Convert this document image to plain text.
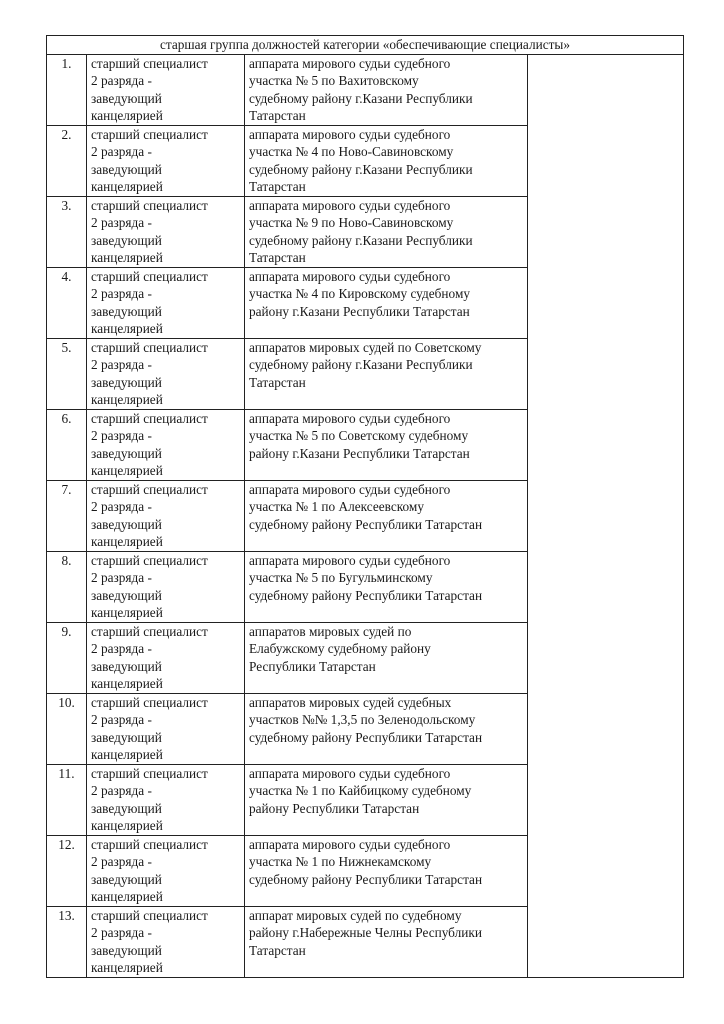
старшая группа должностей категории «обеспечивающие специалисты»			
1.	старший специалист
2 разряда -
заведующий
канцелярией	аппарата мирового судьи судебного
участка № 5 по Вахитовскому
судебному району г.Казани Республики
Татарстан	

2.	старший специалист
2 разряда -
заведующий
канцелярией	аппарата мирового судьи судебного
участка № 4 по Ново-Савиновскому
судебному району г.Казани Республики
Татарстан	

3.	старший специалист
2 разряда -
заведующий
канцелярией	аппарата мирового судьи судебного
участка № 9 по Ново-Савиновскому
судебному району г.Казани Республики
Татарстан	

4.	старший специалист
2 разряда -
заведующий
канцелярией	аппарата мирового судьи судебного
участка № 4 по Кировскому судебному
району г.Казани Республики Татарстан	

5.	старший специалист
2 разряда -
заведующий
канцелярией	аппаратов мировых судей по Советскому
судебному району г.Казани Республики
Татарстан	

6.	старший специалист
2 разряда -
заведующий
канцелярией	аппарата мирового судьи судебного
участка № 5 по Советскому судебному
району г.Казани Республики Татарстан	

7.	старший специалист
2 разряда -
заведующий
канцелярией	аппарата мирового судьи судебного
участка № 1 по Алексеевскому
судебному району Республики Татарстан	

8.	старший специалист
2 разряда -
заведующий
канцелярией	аппарата мирового судьи судебного
участка № 5 по Бугульминскому
судебному району Республики Татарстан	

9.	старший специалист
2 разряда -
заведующий
канцелярией	аппаратов мировых судей по
Елабужскому судебному району
Республики Татарстан	

10.	старший специалист
2 разряда -
заведующий
канцелярией	аппаратов мировых судей судебных
участков №№ 1,3,5 по Зеленодольскому
судебному району Республики Татарстан	

11.	старший специалист
2 разряда -
заведующий
канцелярией	аппарата мирового судьи судебного
участка № 1 по Кайбицкому судебному
району Республики Татарстан	

12.	старший специалист
2 разряда -
заведующий
канцелярией	аппарата мирового судьи судебного
участка № 1 по Нижнекамскому
судебному району Республики Татарстан	

13.	старший специалист
2 разряда -
заведующий
канцелярией	аппарат мировых судей по судебному
району г.Набережные Челны Республики
Татарстан	
